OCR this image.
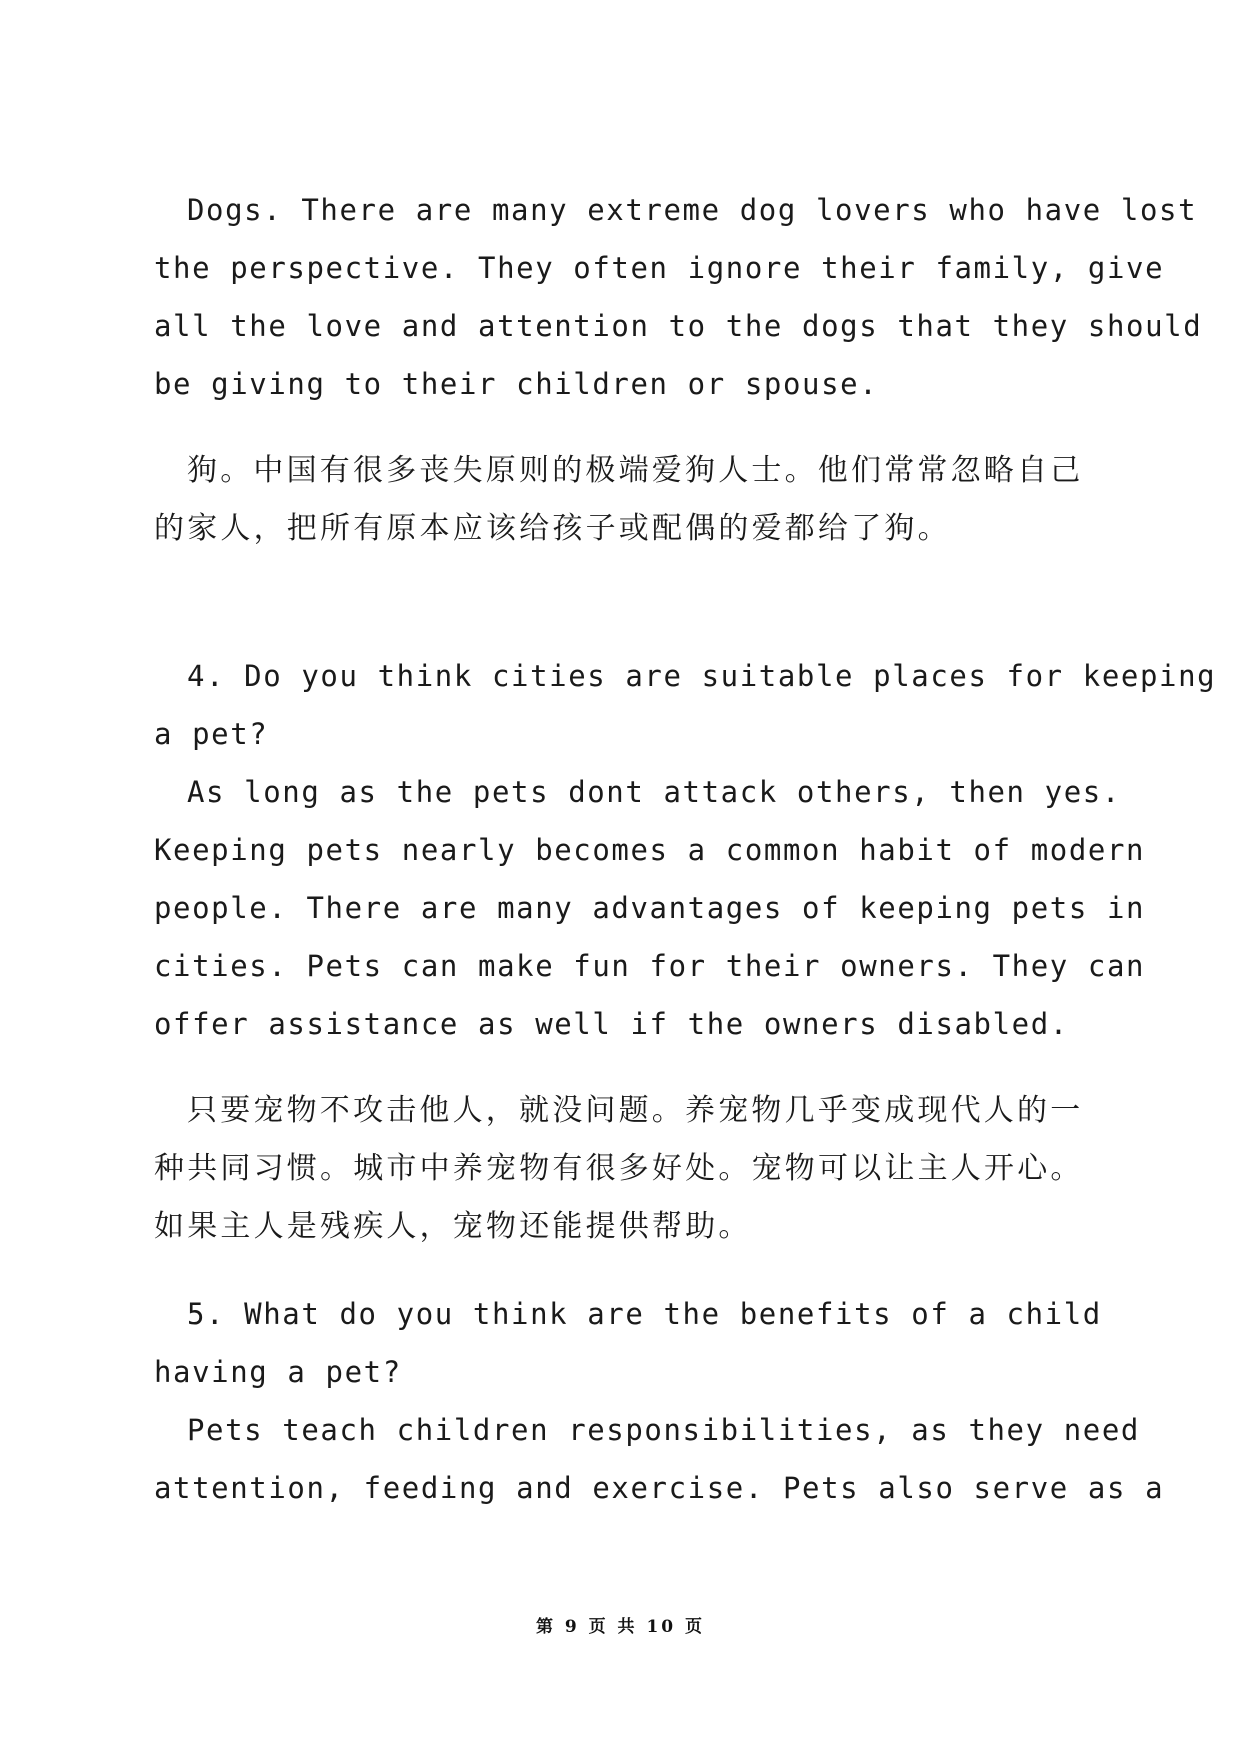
Dogs. There are many extreme dog lovers who have lost
the perspective. They often ignore their family, give
all the love and attention to the dogs that they should
be giving to their children or spouse.
狗。中国有很多丧失原则的极端爱狗人士。他们常常忽略自己
的家人，把所有原本应该给孩子或配偶的爱都给了狗。
4. Do you think cities are suitable places for keeping
a pet?
As long as the pets dont attack others, then yes.
Keeping pets nearly becomes a common habit of modern
people. There are many advantages of keeping pets in
cities. Pets can make fun for their owners. They can
offer assistance as well if the owners disabled.
只要宠物不攻击他人，就没问题。养宠物几乎变成现代人的一
种共同习惯。城市中养宠物有很多好处。宠物可以让主人开心。
如果主人是残疾人，宠物还能提供帮助。
5. What do you think are the benefits of a child
having a pet?
Pets teach children responsibilities, as they need
attention, feeding and exercise. Pets also serve as a
第 9 页 共 10 页
